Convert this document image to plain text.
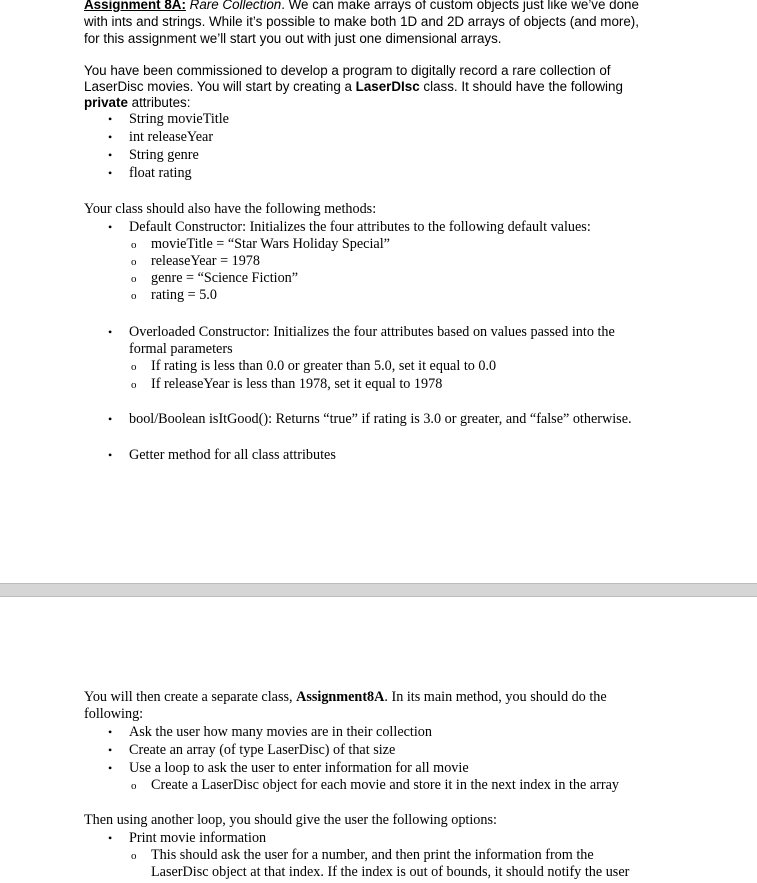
Assignment 8A: Rare Collection. We can make arrays of custom objects just like we’ve done
with ints and strings. While it’s possible to make both 1D and 2D arrays of objects (and more),
for this assignment we’ll start you out with just one dimensional arrays.
You have been commissioned to develop a program to digitally record a rare collection of
LaserDisc movies. You will start by creating a LaserDIsc class. It should have the following
private attributes:
• String movieTitle
• int releaseYear
• String genre
• float rating
Your class should also have the following methods:
• Default Constructor: Initializes the four attributes to the following default values:
o movieTitle = “Star Wars Holiday Special”
o releaseYear = 1978
o genre = “Science Fiction”
o rating = 5.0
• Overloaded Constructor: Initializes the four attributes based on values passed into the
formal parameters
o If rating is less than 0.0 or greater than 5.0, set it equal to 0.0
o If releaseYear is less than 1978, set it equal to 1978
• bool/Boolean isItGood(): Returns “true” if rating is 3.0 or greater, and “false” otherwise.
• Getter method for all class attributes
You will then create a separate class, Assignment8A. In its main method, you should do the
following:
• Ask the user how many movies are in their collection
• Create an array (of type LaserDisc) of that size
• Use a loop to ask the user to enter information for all movie
o Create a LaserDisc object for each movie and store it in the next index in the array
Then using another loop, you should give the user the following options:
• Print movie information
o This should ask the user for a number, and then print the information from the
LaserDisc object at that index. If the index is out of bounds, it should notify the user
